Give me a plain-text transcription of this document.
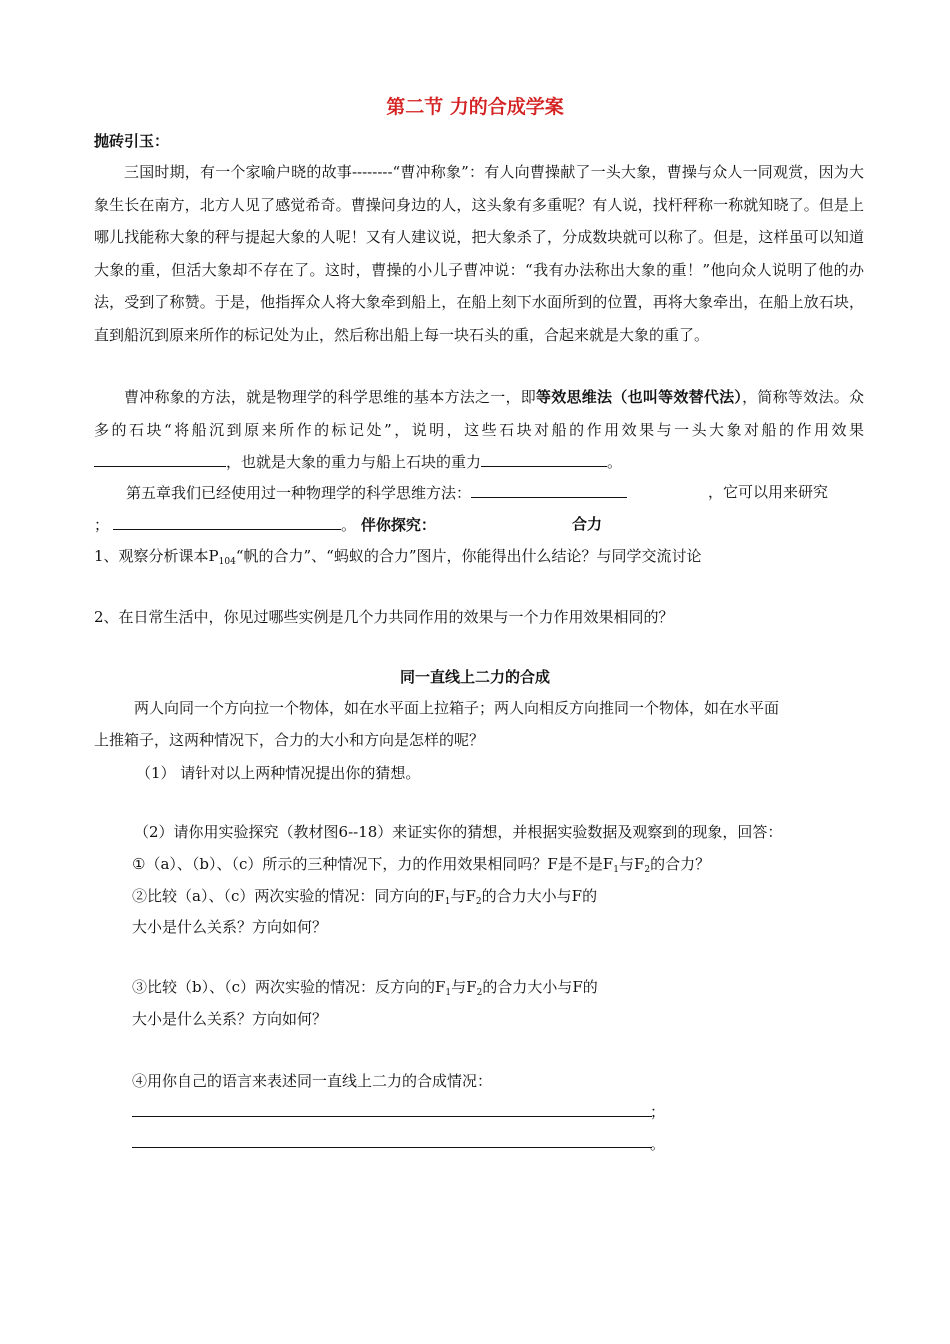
第二节 力的合成学案
抛砖引玉：
三国时期，有一个家喻户晓的故事--------“曹冲称象”：有人向曹操献了一头大象，曹操与众人一同观赏，因为大象生长在南方，北方人见了感觉希奇。曹操问身边的人，这头象有多重呢？有人说，找杆秤称一称就知晓了。但是上哪儿找能称大象的秤与提起大象的人呢！又有人建议说，把大象杀了，分成数块就可以称了。但是，这样虽可以知道大象的重，但活大象却不存在了。这时，曹操的小儿子曹冲说：“我有办法称出大象的重！”他向众人说明了他的办法，受到了称赞。于是，他指挥众人将大象牵到船上，在船上刻下水面所到的位置，再将大象牵出，在船上放石块，直到船沉到原来所作的标记处为止，然后称出船上每一块石头的重，合起来就是大象的重了。
曹冲称象的方法，就是物理学的科学思维的基本方法之一，即等效思维法（也叫等效替代法），简称等效法。众多的石块“将船沉到原来所作的标记处”，说明，这些石块对船的作用效果与一头大象对船的作用效果，也就是大象的重力与船上石块的重力	。
第五章我们已经使用过一种物理学的科学思维方法：	，它可以用来研究
；	。 伴你探究：	合力
1、观察分析课本$P_{104}“$帆的合力”、“蚂蚁的合力”图片，你能得出什么结论？与同学交流讨论
2、在日常生活中，你见过哪些实例是几个力共同作用的效果与一个力作用效果相同的？
同一直线上二力的合成
两人向同一个方向拉一个物体，如在水平面上拉箱子；两人向相反方向推同一个物体，如在水平面
上推箱子，这两种情况下，合力的大小和方向是怎样的呢？
（1） 请针对以上两种情况提出你的猜想。
（2）请你用实验探究（教材图6--18）来证实你的猜想，并根据实验数据及观察到的现象，回答：
①（a）、（b）、（c）所示的三种情况下，力的作用效果相同吗？F是不是$F_1$与$F_2$的合力？
②比较（a）、（c）两次实验的情况：同方向的$F_1$与$F_2$的合力大小与F的
大小是什么关系？方向如何？
③比较（b）、（c）两次实验的情况：反方向的$F_1$与$F_2$的合力大小与F的
大小是什么关系？方向如何？
④用你自己的语言来表述同一直线上二力的合成情况：
；
。
